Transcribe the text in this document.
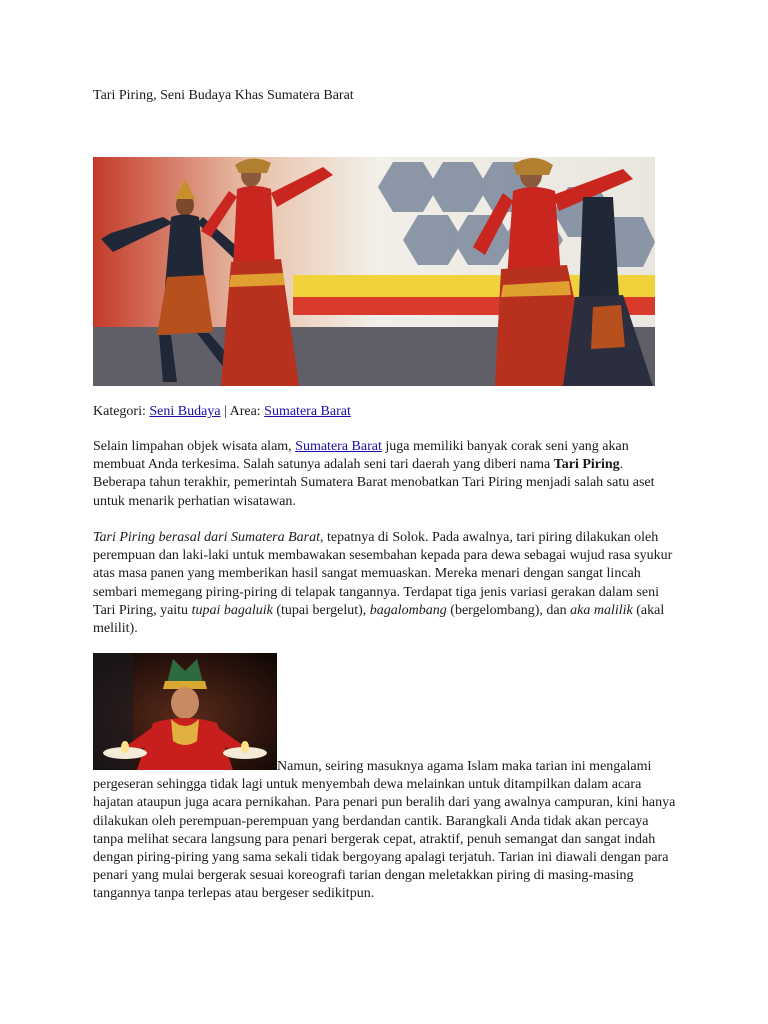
Tari Piring, Seni Budaya Khas Sumatera Barat
Kategori: Seni Budaya | Area: Sumatera Barat

Selain limpahan objek wisata alam, Sumatera Barat juga memiliki banyak corak seni yang akan membuat Anda terkesima. Salah satunya adalah seni tari daerah yang diberi nama Tari Piring. Beberapa tahun terakhir, pemerintah Sumatera Barat menobatkan Tari Piring menjadi salah satu aset untuk menarik perhatian wisatawan.

Tari Piring berasal dari Sumatera Barat, tepatnya di Solok. Pada awalnya, tari piring dilakukan oleh perempuan dan laki-laki untuk membawakan sesembahan kepada para dewa sebagai wujud rasa syukur atas masa panen yang memberikan hasil sangat memuaskan. Mereka menari dengan sangat lincah sembari memegang piring-piring di telapak tangannya. Terdapat tiga jenis variasi gerakan dalam seni Tari Piring, yaitu tupai bagaluik (tupai bergelut), bagalombang (bergelombang), dan aka malilik (akal melilit).

Namun, seiring masuknya agama Islam maka tarian ini mengalami pergeseran sehingga tidak lagi untuk menyembah dewa melainkan untuk ditampilkan dalam acara hajatan ataupun juga acara pernikahan. Para penari pun beralih dari yang awalnya campuran, kini hanya dilakukan oleh perempuan-perempuan yang berdandan cantik. Barangkali Anda tidak akan percaya tanpa melihat secara langsung para penari bergerak cepat, atraktif, penuh semangat dan sangat indah dengan piring-piring yang sama sekali tidak bergoyang apalagi terjatuh. Tarian ini diawali dengan para penari yang mulai bergerak sesuai koreografi tarian dengan meletakkan piring di masing-masing tangannya tanpa terlepas atau bergeser sedikitpun.
